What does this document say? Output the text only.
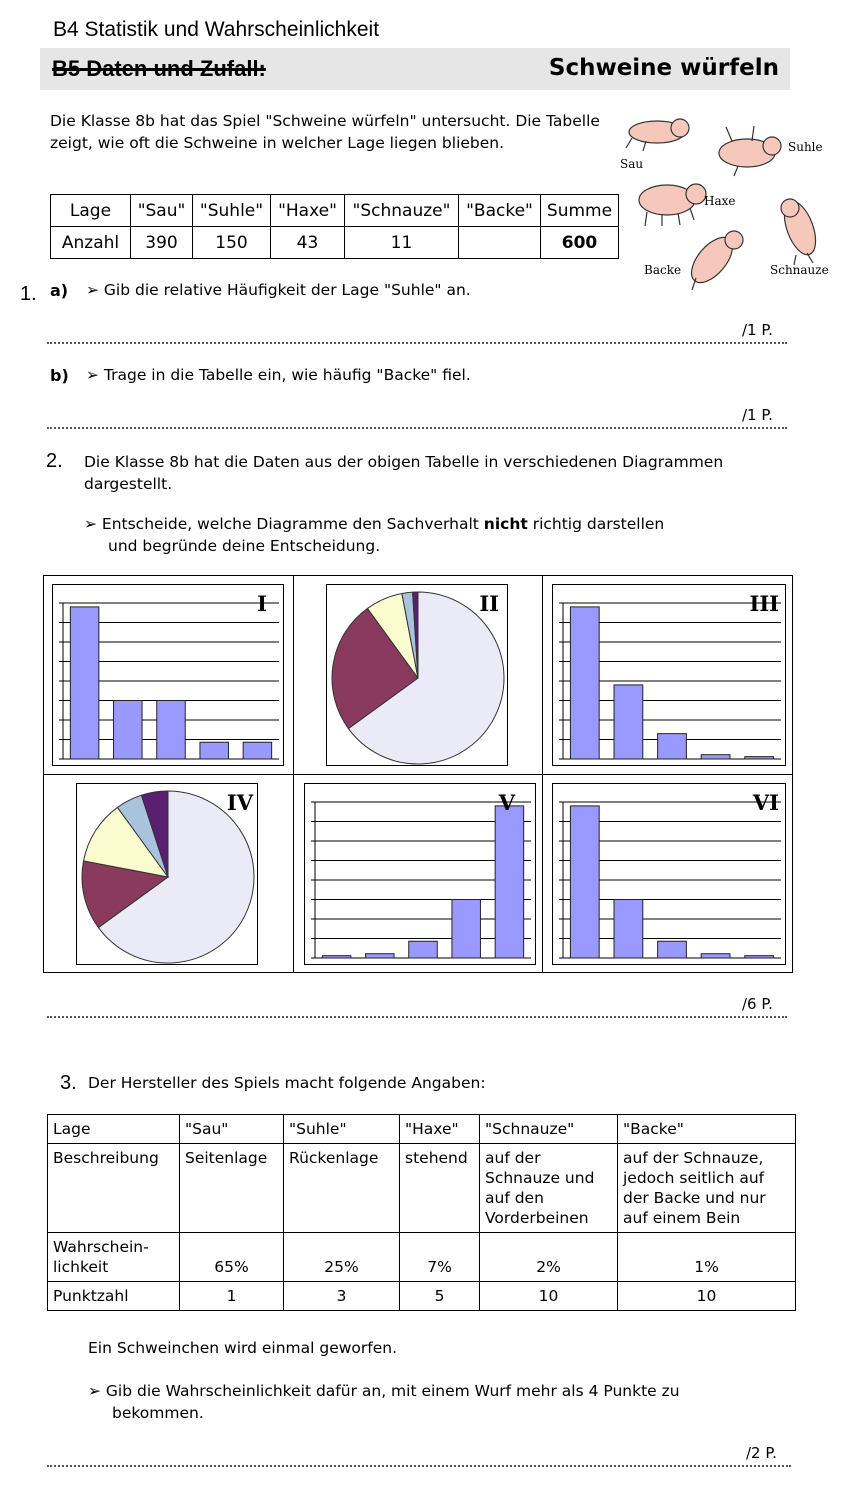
B4 Statistik und Wahrscheinlichkeit
B5 Daten und Zufall:	Schweine würfeln
Die Klasse 8b hat das Spiel "Schweine würfeln" untersucht. Die Tabelle zeigt, wie oft die Schweine in welcher Lage liegen blieben.
Lage	"Sau"	"Suhle"	"Haxe"	"Schnauze"	"Backe"	Summe
Anzahl	390	150	43	11		600
Sau
Suhle
Haxe
Backe	Schnauze
1. a) ➢ Gib die relative Häufigkeit der Lage "Suhle" an.
/1 P.
b) ➢ Trage in die Tabelle ein, wie häufig "Backe" fiel.
/1 P.
2. Die Klasse 8b hat die Daten aus der obigen Tabelle in verschiedenen Diagrammen dargestellt.
➢ Entscheide, welche Diagramme den Sachverhalt nicht richtig darstellen
und begründe deine Entscheidung.
I	II	III
IV	V	VI
/6 P.
3. Der Hersteller des Spiels macht folgende Angaben:
Lage	"Sau"	"Suhle"	"Haxe"	"Schnauze"	"Backe"
Beschreibung	Seitenlage	Rückenlage	stehend	auf der Schnauze und auf den Vorderbeinen	auf der Schnauze, jedoch seitlich auf der Backe und nur auf einem Bein
Wahrschein-lichkeit	65%	25%	7%	2%	1%
Punktzahl	1	3	5	10	10
Ein Schweinchen wird einmal geworfen.
➢ Gib die Wahrscheinlichkeit dafür an, mit einem Wurf mehr als 4 Punkte zu
bekommen.
/2 P.
